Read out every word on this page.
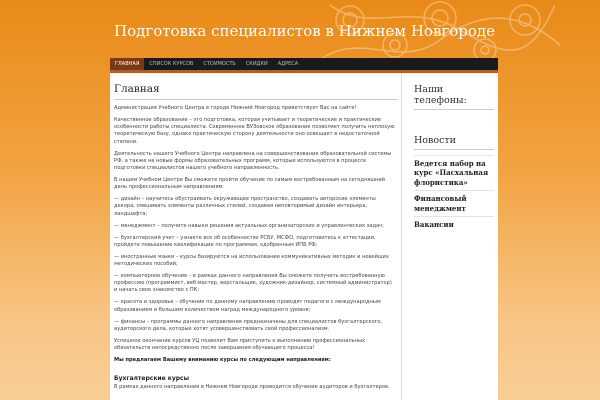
Подготовка специалистов в Нижнем Новгороде
ГЛАВНАЯ	СПИСОК КУРСОВ	СТОИМОСТЬ	СКИДКИ	АДРЕСА
Главная

Администрация Учебного Центра в городе Нижний Новгород приветствует Вас на сайте!

Качественное образование – это подготовка, которая учитывает и теоретические и практические особенности работы специалиста. Современное ВУЗовское образование позволяет получить неплохую теоретическую базу, однако практическую сторону деятельности оно освещает в недостаточной степени.

Деятельность нашего Учебного Центра направлена на совершенствование образовательной системы РФ, а также на новые формы образовательных программ, которые используются в процессе подготовки специалистов нашего учебного направленность.

В нашем Учебном Центре Вы сможете пройти обучение по самым востребованным на сегодняшний день профессиональным направлениям:

— дизайн – научитесь обустраивать окружающее пространство, создавать авторские элементы декора, смешивать элементы различных стилей, создавая неповторимый дизайн интерьера, ландшафта;

— менеджмент – получите навыки решения актуальных организаторских и управленческих задач;

— бухгалтерский учет – узнаете все об особенностях РСБУ, МСФО, подготовитесь к аттестации, пройдете повышение квалификации по программам, одобренным ИПБ РФ;

— иностранные языки – курсы базируются на использовании коммуникативных методик и новейших методических пособий;

— компьютерное обучение – в рамках данного направления Вы сможете получить востребованную профессию (программист, веб-мастер, верстальщик, художник-дизайнер, системный администратор) и начать свое знакомство с ПК;

— красота и здоровье – обучение по данному направлению проводят педагоги с международным образованием и большим количеством наград международного уровня;

— финансы – программы данного направления предназначены для специалистов бухгалтерского, аудиторского дела, которые хотят усовершенствовать свой профессионализм.

Успешное окончание курсов УЦ позволит Вам приступить к выполнению профессиональных обязательств непосредственно после завершения обучающего процесса!

Мы предлагаем Вашему вниманию курсы по следующим направлениям:

Бухгалтерские курсы

В рамках данного направления в Нижнем Новгороде проводится обучение аудиторов и бухгалтеров.

Наши телефоны:
Новости
Ведется набор на курс «Пасхальная флористика»
Финансовый менеджмент
Вакансии
